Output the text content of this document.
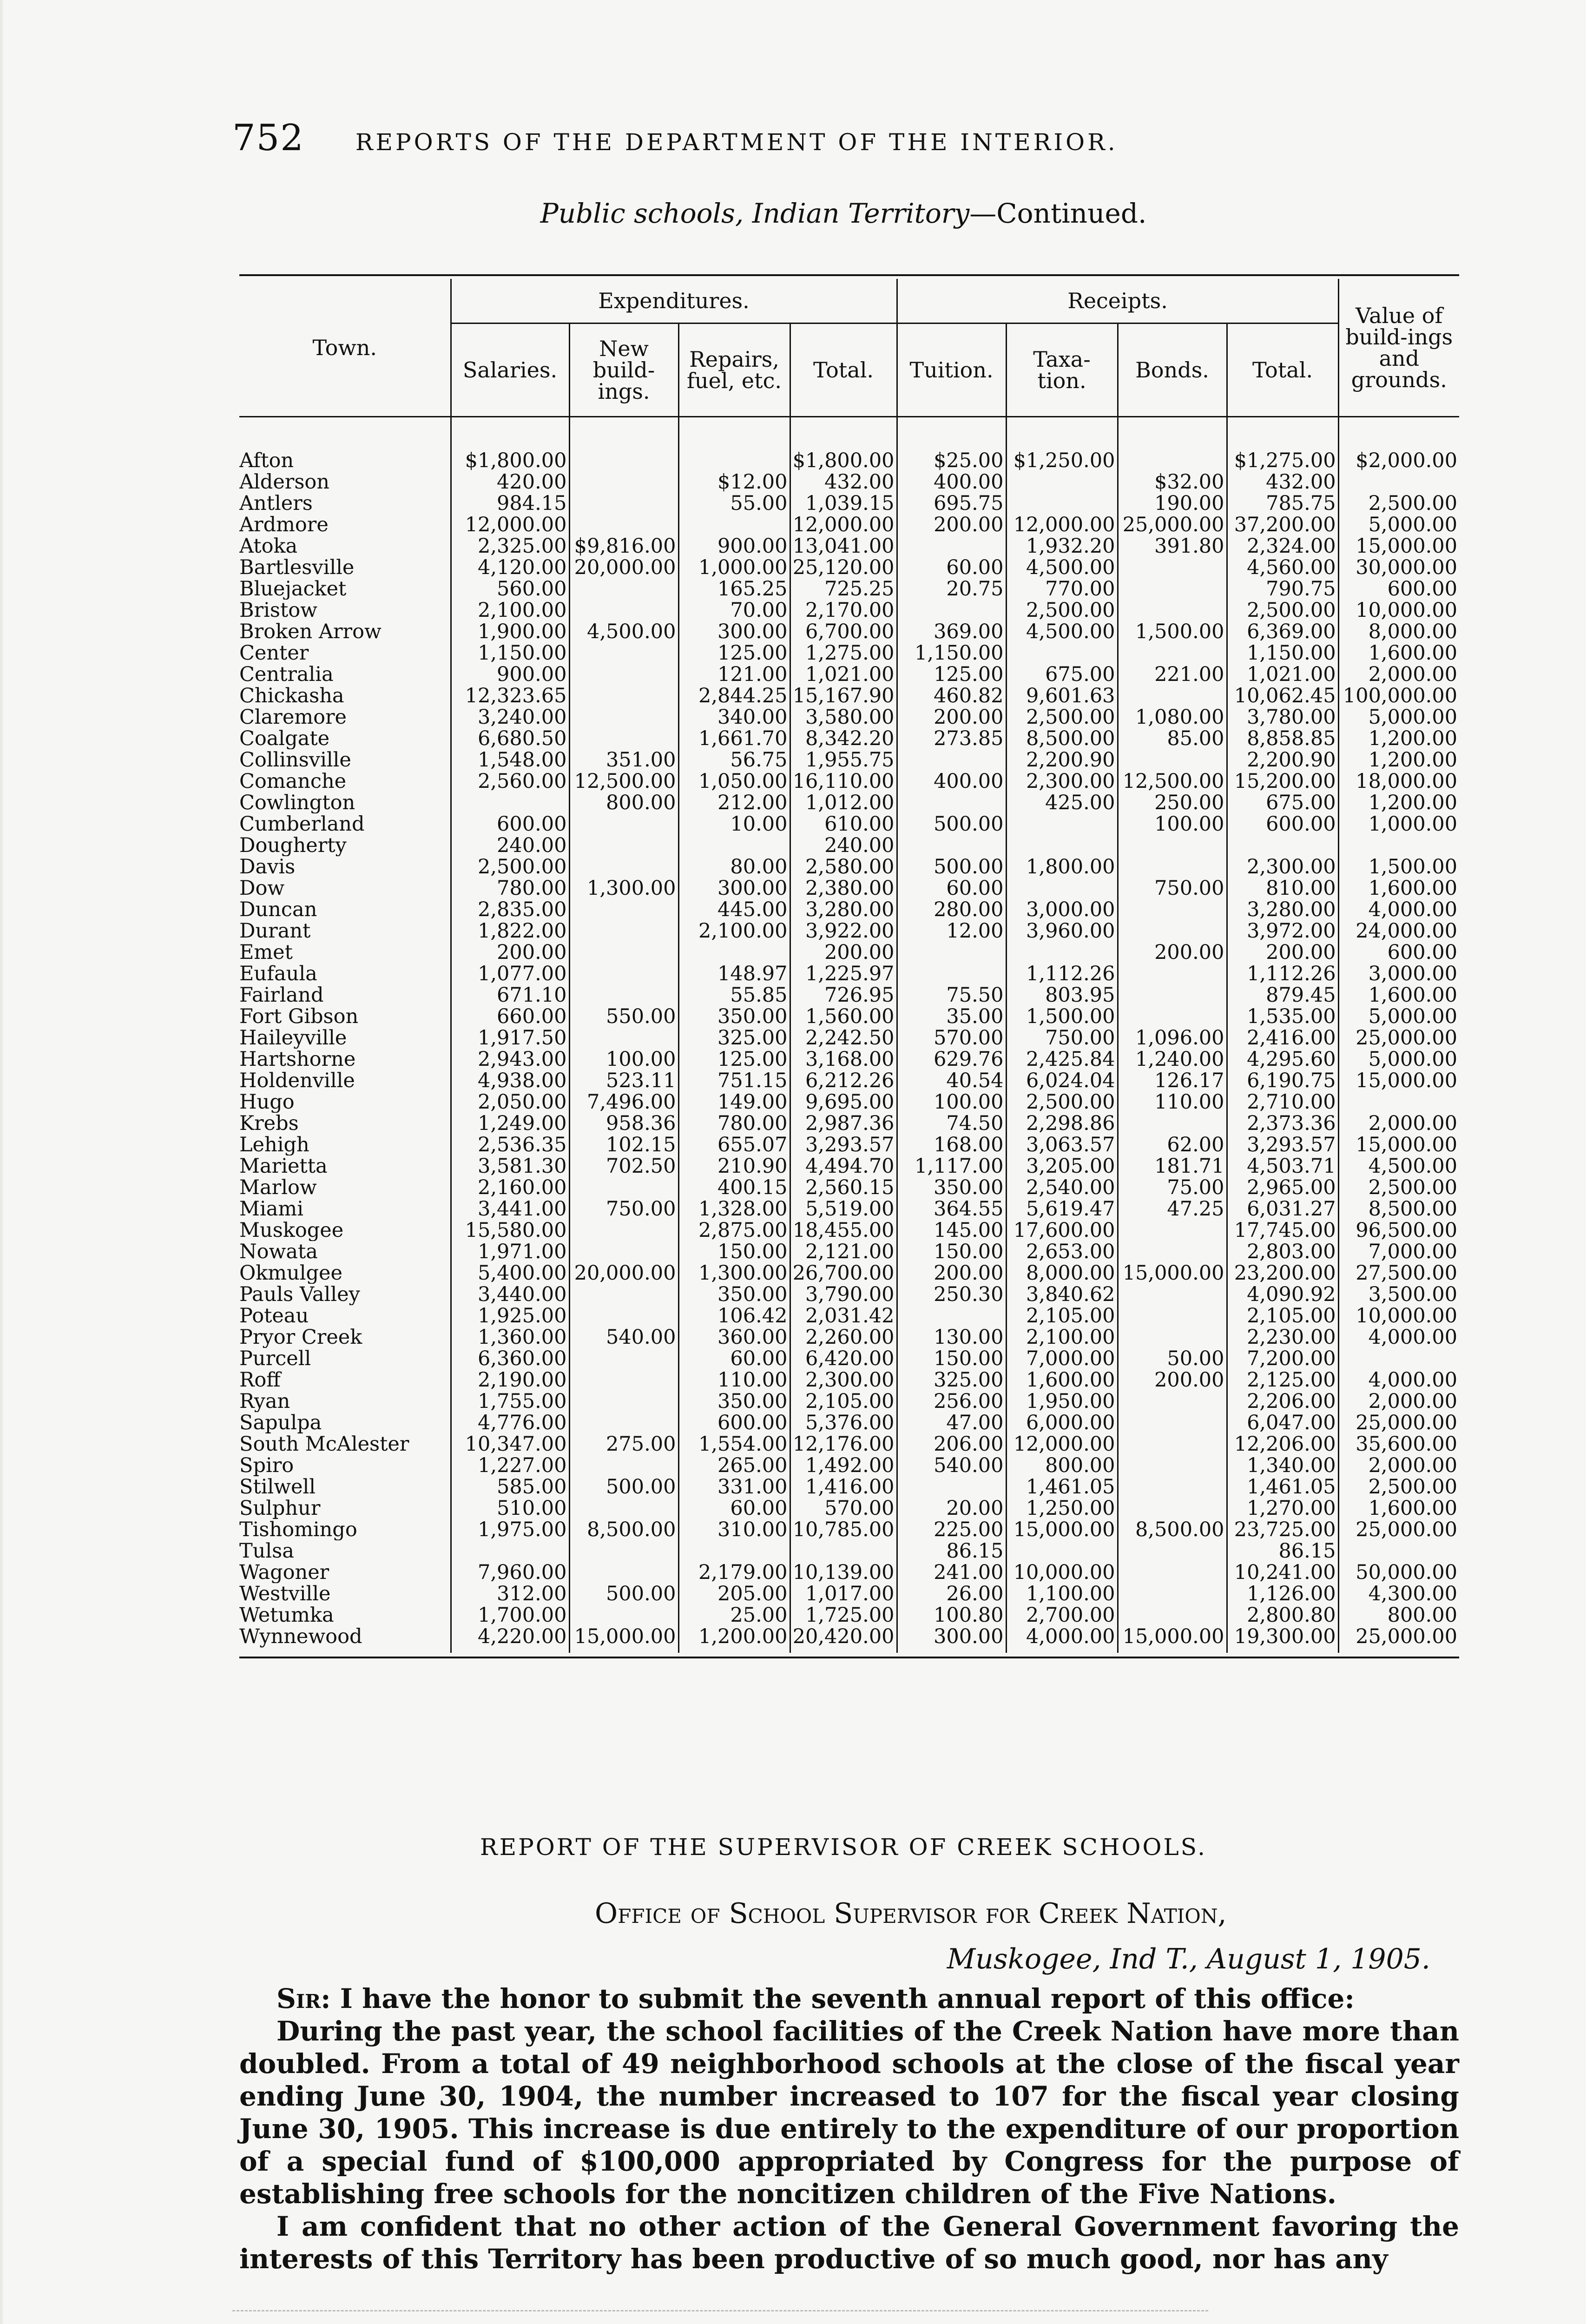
752 REPORTS OF THE DEPARTMENT OF THE INTERIOR.
Public schools, Indian Territory—Continued.
Town.	Expenditures.				Receipts.				Value of build-ings and grounds.
	Salaries.	New build-ings.	Repairs, fuel, etc.	Total.	Tuition.	Taxa-tion.	Bonds.	Total.	

Afton	$1,800.00			$1,800.00	$25.00	$1,250.00		$1,275.00	$2,000.00
Alderson	420.00		$12.00	432.00	400.00		$32.00	432.00	
Antlers	984.15		55.00	1,039.15	695.75		190.00	785.75	2,500.00
Ardmore	12,000.00			12,000.00	200.00	12,000.00	25,000.00	37,200.00	5,000.00
Atoka	2,325.00	$9,816.00	900.00	13,041.00		1,932.20	391.80	2,324.00	15,000.00
Bartlesville	4,120.00	20,000.00	1,000.00	25,120.00	60.00	4,500.00		4,560.00	30,000.00
Bluejacket	560.00		165.25	725.25	20.75	770.00		790.75	600.00
Bristow	2,100.00		70.00	2,170.00		2,500.00		2,500.00	10,000.00
Broken Arrow	1,900.00	4,500.00	300.00	6,700.00	369.00	4,500.00	1,500.00	6,369.00	8,000.00
Center	1,150.00		125.00	1,275.00	1,150.00			1,150.00	1,600.00
Centralia	900.00		121.00	1,021.00	125.00	675.00	221.00	1,021.00	2,000.00
Chickasha	12,323.65		2,844.25	15,167.90	460.82	9,601.63		10,062.45	100,000.00
Claremore	3,240.00		340.00	3,580.00	200.00	2,500.00	1,080.00	3,780.00	5,000.00
Coalgate	6,680.50		1,661.70	8,342.20	273.85	8,500.00	85.00	8,858.85	1,200.00
Collinsville	1,548.00	351.00	56.75	1,955.75		2,200.90		2,200.90	1,200.00
Comanche	2,560.00	12,500.00	1,050.00	16,110.00	400.00	2,300.00	12,500.00	15,200.00	18,000.00
Cowlington		800.00	212.00	1,012.00		425.00	250.00	675.00	1,200.00
Cumberland	600.00		10.00	610.00	500.00		100.00	600.00	1,000.00
Dougherty	240.00			240.00					
Davis	2,500.00		80.00	2,580.00	500.00	1,800.00		2,300.00	1,500.00
Dow	780.00	1,300.00	300.00	2,380.00	60.00		750.00	810.00	1,600.00
Duncan	2,835.00		445.00	3,280.00	280.00	3,000.00		3,280.00	4,000.00
Durant	1,822.00		2,100.00	3,922.00	12.00	3,960.00		3,972.00	24,000.00
Emet	200.00			200.00			200.00	200.00	600.00
Eufaula	1,077.00		148.97	1,225.97		1,112.26		1,112.26	3,000.00
Fairland	671.10		55.85	726.95	75.50	803.95		879.45	1,600.00
Fort Gibson	660.00	550.00	350.00	1,560.00	35.00	1,500.00		1,535.00	5,000.00
Haileyville	1,917.50		325.00	2,242.50	570.00	750.00	1,096.00	2,416.00	25,000.00
Hartshorne	2,943.00	100.00	125.00	3,168.00	629.76	2,425.84	1,240.00	4,295.60	5,000.00
Holdenville	4,938.00	523.11	751.15	6,212.26	40.54	6,024.04	126.17	6,190.75	15,000.00
Hugo	2,050.00	7,496.00	149.00	9,695.00	100.00	2,500.00	110.00	2,710.00	
Krebs	1,249.00	958.36	780.00	2,987.36	74.50	2,298.86		2,373.36	2,000.00
Lehigh	2,536.35	102.15	655.07	3,293.57	168.00	3,063.57	62.00	3,293.57	15,000.00
Marietta	3,581.30	702.50	210.90	4,494.70	1,117.00	3,205.00	181.71	4,503.71	4,500.00
Marlow	2,160.00		400.15	2,560.15	350.00	2,540.00	75.00	2,965.00	2,500.00
Miami	3,441.00	750.00	1,328.00	5,519.00	364.55	5,619.47	47.25	6,031.27	8,500.00
Muskogee	15,580.00		2,875.00	18,455.00	145.00	17,600.00		17,745.00	96,500.00
Nowata	1,971.00		150.00	2,121.00	150.00	2,653.00		2,803.00	7,000.00
Okmulgee	5,400.00	20,000.00	1,300.00	26,700.00	200.00	8,000.00	15,000.00	23,200.00	27,500.00
Pauls Valley	3,440.00		350.00	3,790.00	250.30	3,840.62		4,090.92	3,500.00
Poteau	1,925.00		106.42	2,031.42		2,105.00		2,105.00	10,000.00
Pryor Creek	1,360.00	540.00	360.00	2,260.00	130.00	2,100.00		2,230.00	4,000.00
Purcell	6,360.00		60.00	6,420.00	150.00	7,000.00	50.00	7,200.00	
Roff	2,190.00		110.00	2,300.00	325.00	1,600.00	200.00	2,125.00	4,000.00
Ryan	1,755.00		350.00	2,105.00	256.00	1,950.00		2,206.00	2,000.00
Sapulpa	4,776.00		600.00	5,376.00	47.00	6,000.00		6,047.00	25,000.00
South McAlester	10,347.00	275.00	1,554.00	12,176.00	206.00	12,000.00		12,206.00	35,600.00
Spiro	1,227.00		265.00	1,492.00	540.00	800.00		1,340.00	2,000.00
Stilwell	585.00	500.00	331.00	1,416.00		1,461.05		1,461.05	2,500.00
Sulphur	510.00		60.00	570.00	20.00	1,250.00		1,270.00	1,600.00
Tishomingo	1,975.00	8,500.00	310.00	10,785.00	225.00	15,000.00	8,500.00	23,725.00	25,000.00
Tulsa					86.15			86.15	
Wagoner	7,960.00		2,179.00	10,139.00	241.00	10,000.00		10,241.00	50,000.00
Westville	312.00	500.00	205.00	1,017.00	26.00	1,100.00		1,126.00	4,300.00
Wetumka	1,700.00		25.00	1,725.00	100.80	2,700.00		2,800.80	800.00
Wynnewood	4,220.00	15,000.00	1,200.00	20,420.00	300.00	4,000.00	15,000.00	19,300.00	25,000.00
REPORT OF THE SUPERVISOR OF CREEK SCHOOLS.
Office of School Supervisor for Creek Nation,
Muskogee, Ind T., August 1, 1905.

Sir: I have the honor to submit the seventh annual report of this office:

During the past year, the school facilities of the Creek Nation have more than doubled. From a total of 49 neighborhood schools at the close of the fiscal year ending June 30, 1904, the number increased to 107 for the fiscal year closing June 30, 1905. This increase is due entirely to the expenditure of our proportion of a special fund of $100,000 appropriated by Congress for the purpose of establishing free schools for the noncitizen children of the Five Nations.

I am confident that no other action of the General Government favoring the interests of this Territory has been productive of so much good, nor has any
